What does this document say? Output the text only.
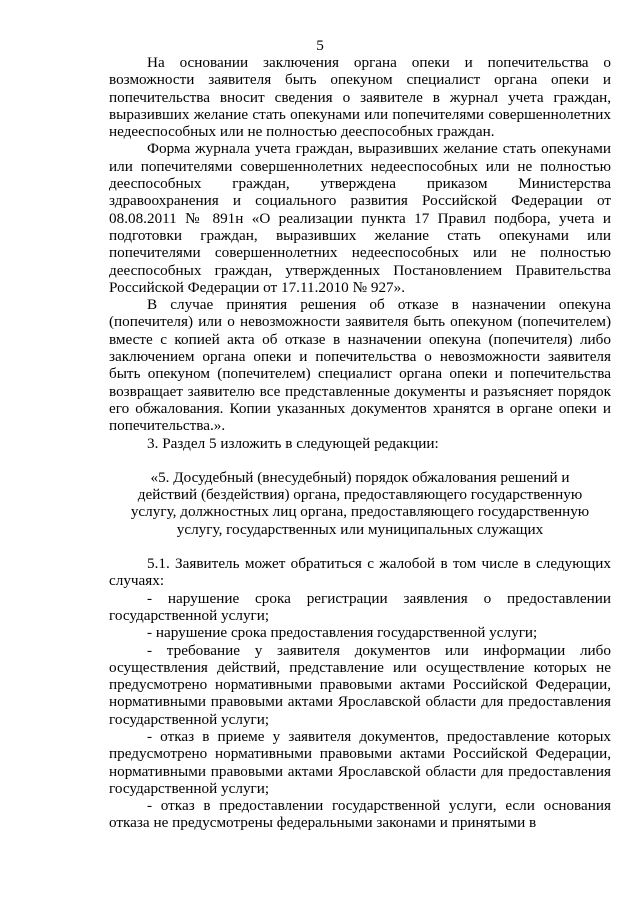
5

На основании заключения органа опеки и попечительства о возможности заявителя быть опекуном специалист органа опеки и попечительства вносит сведения о заявителе в журнал учета граждан, выразивших желание стать опекунами или попечителями совершеннолетних недееспособных или не полностью дееспособных граждан.

Форма журнала учета граждан, выразивших желание стать опекунами или попечителями совершеннолетних недееспособных или не полностью дееспособных граждан, утверждена приказом Министерства здравоохранения и социального развития Российской Федерации от 08.08.2011 № 891н «О реализации пункта 17 Правил подбора, учета и подготовки граждан, выразивших желание стать опекунами или попечителями совершеннолетних недееспособных или не полностью дееспособных граждан, утвержденных Постановлением Правительства Российской Федерации от 17.11.2010 № 927».

В случае принятия решения об отказе в назначении опекуна (попечителя) или о невозможности заявителя быть опекуном (попечителем) вместе с копией акта об отказе в назначении опекуна (попечителя) либо заключением органа опеки и попечительства о невозможности заявителя быть опекуном (попечителем) специалист органа опеки и попечительства возвращает заявителю все представленные документы и разъясняет порядок его обжалования. Копии указанных документов хранятся в органе опеки и попечительства.».

3. Раздел 5 изложить в следующей редакции:

«5. Досудебный (внесудебный) порядок обжалования решений и действий (бездействия) органа, предоставляющего государственную услугу, должностных лиц органа, предоставляющего государственную услугу, государственных или муниципальных служащих

5.1. Заявитель может обратиться с жалобой в том числе в следующих случаях:

- нарушение срока регистрации заявления о предоставлении государственной услуги;

- нарушение срока предоставления государственной услуги;

- требование у заявителя документов или информации либо осуществления действий, представление или осуществление которых не предусмотрено нормативными правовыми актами Российской Федерации, нормативными правовыми актами Ярославской области для предоставления государственной услуги;

- отказ в приеме у заявителя документов, предоставление которых предусмотрено нормативными правовыми актами Российской Федерации, нормативными правовыми актами Ярославской области для предоставления государственной услуги;

- отказ в предоставлении государственной услуги, если основания отказа не предусмотрены федеральными законами и принятыми в
